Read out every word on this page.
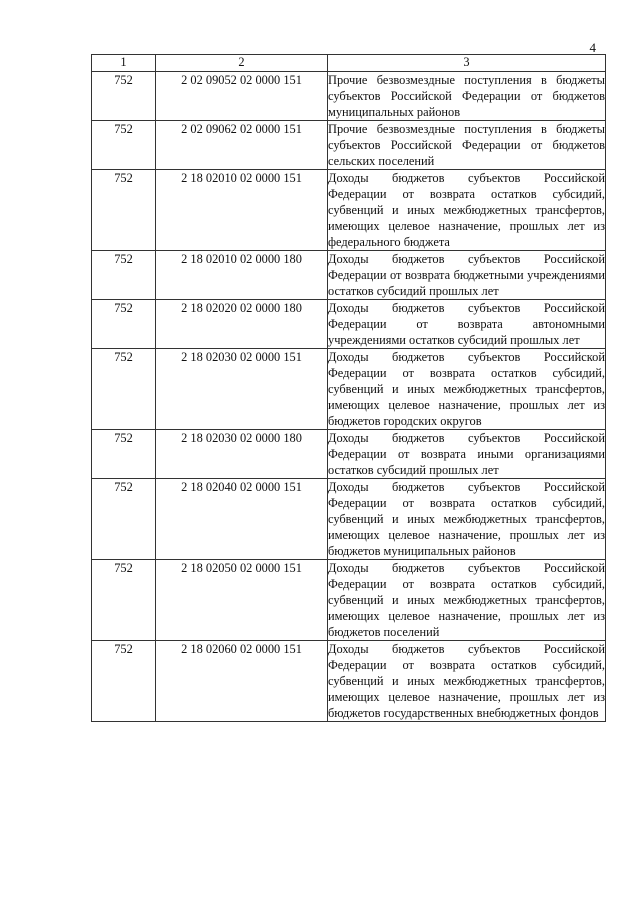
4
1	2	3
752	2 02 09052 02 0000 151	Прочие безвозмездные поступления в бюджеты субъектов Российской Федерации от бюджетов муниципальных районов
752	2 02 09062 02 0000 151	Прочие безвозмездные поступления в бюджеты субъектов Российской Федерации от бюджетов сельских поселений
752	2 18 02010 02 0000 151	Доходы бюджетов субъектов Российской Федерации от возврата остатков субсидий, субвенций и иных межбюджетных трансфертов, имеющих целевое назначение, прошлых лет из федерального бюджета
752	2 18 02010 02 0000 180	Доходы бюджетов субъектов Российской Федерации от возврата бюджетными учреждениями остатков субсидий прошлых лет
752	2 18 02020 02 0000 180	Доходы бюджетов субъектов Российской Федерации от возврата автономными учреждениями остатков субсидий прошлых лет
752	2 18 02030 02 0000 151	Доходы бюджетов субъектов Российской Федерации от возврата остатков субсидий, субвенций и иных межбюджетных трансфертов, имеющих целевое назначение, прошлых лет из бюджетов городских округов
752	2 18 02030 02 0000 180	Доходы бюджетов субъектов Российской Федерации от возврата иными организациями остатков субсидий прошлых лет
752	2 18 02040 02 0000 151	Доходы бюджетов субъектов Российской Федерации от возврата остатков субсидий, субвенций и иных межбюджетных трансфертов, имеющих целевое назначение, прошлых лет из бюджетов муниципальных районов
752	2 18 02050 02 0000 151	Доходы бюджетов субъектов Российской Федерации от возврата остатков субсидий, субвенций и иных межбюджетных трансфертов, имеющих целевое назначение, прошлых лет из бюджетов поселений
752	2 18 02060 02 0000 151	Доходы бюджетов субъектов Российской Федерации от возврата остатков субсидий, субвенций и иных межбюджетных трансфертов, имеющих целевое назначение, прошлых лет из бюджетов государственных внебюджетных фондов
